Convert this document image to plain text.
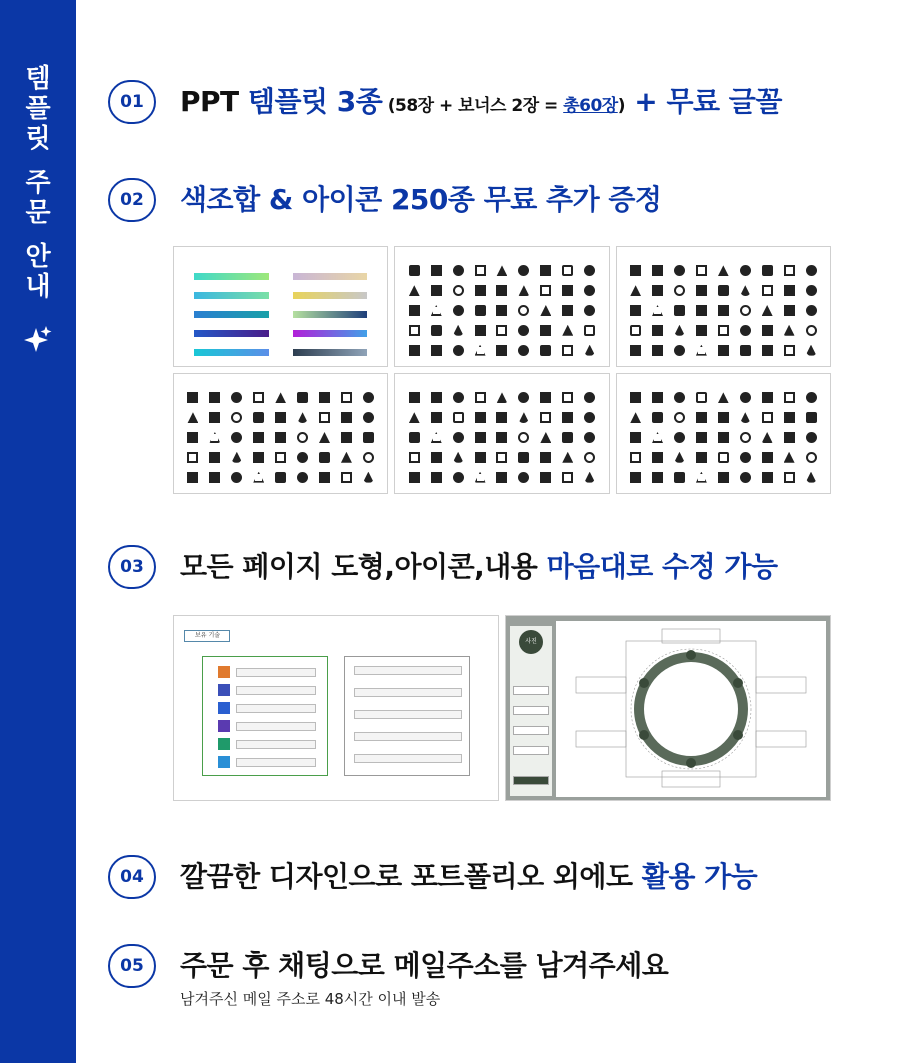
템
플
릿
주
문
안
내
01	PPT 템플릿 3종 (58장 + 보너스 2장 = 총60장) + 무료 글꼴
02	색조합 & 아이콘 250종 무료 추가 증정
03	모든 페이지 도형,아이콘,내용 마음대로 수정 가능
보유 기술
사진
04	깔끔한 디자인으로 포트폴리오 외에도 활용 가능
05	주문 후 채팅으로 메일주소를 남겨주세요
남겨주신 메일 주소로 48시간 이내 발송
